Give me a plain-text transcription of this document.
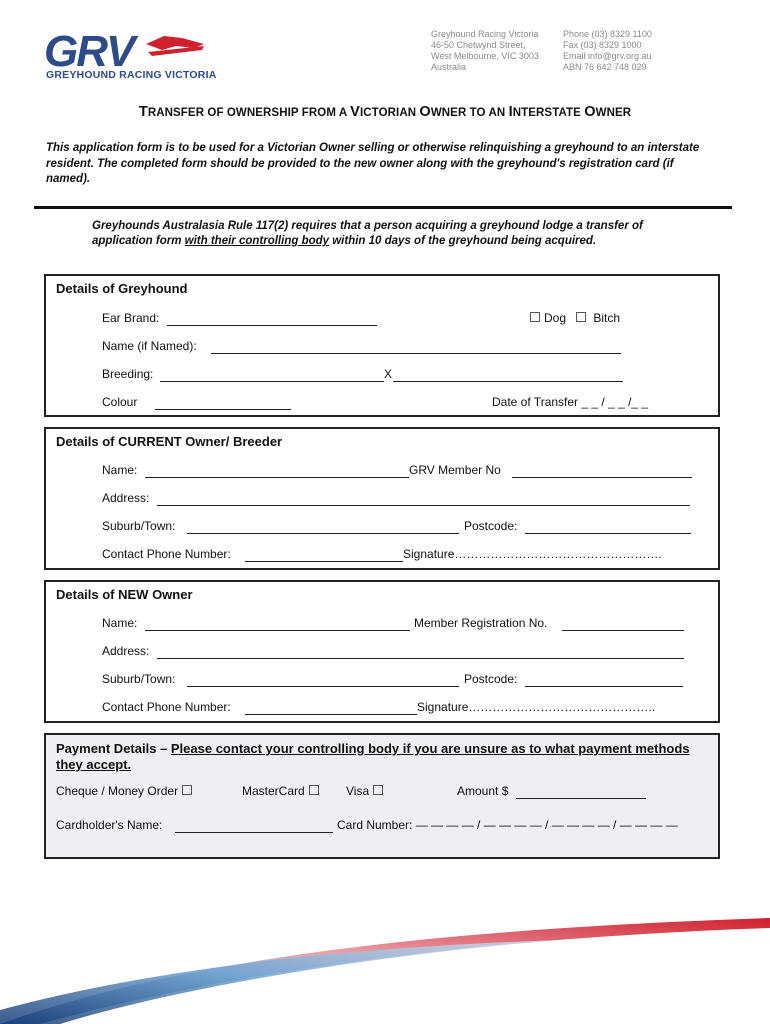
GRV
GREYHOUND RACING VICTORIA
Greyhound Racing Victoria
46-50 Chetwynd Street,
West Melbourne, VIC 3003
Australia
Phone (03) 8329 1100
Fax (03) 8329 1000
Email info@grv.org.au
ABN 76 642 748 029
TRANSFER OF OWNERSHIP FROM A VICTORIAN OWNER TO AN INTERSTATE OWNER
This application form is to be used for a Victorian Owner selling or otherwise relinquishing a greyhound to an interstate resident. The completed form should be provided to the new owner along with the greyhound's registration card (if named).
Greyhounds Australasia Rule 117(2) requires that a person acquiring a greyhound lodge a transfer of application form with their controlling body within 10 days of the greyhound being acquired.
Details of Greyhound
Ear Brand:	Dog Bitch
Name (if Named):
Breeding:	X
Colour	Date of Transfer _ _ / _ _ /_ _
Details of CURRENT Owner/ Breeder
Name:	GRV Member No
Address:
Suburb/Town:	Postcode:
Contact Phone Number:	Signature…………………………………………….
Details of NEW Owner
Name:	Member Registration No.
Address:
Suburb/Town:	Postcode:
Contact Phone Number:	Signature………………………………………..
Payment Details – Please contact your controlling body if you are unsure as to what payment methods they accept.
Cheque / Money Order	MasterCard	Visa	Amount $
Cardholder's Name:	Card Number: — — — — / — — — — / — — — — / — — — —
